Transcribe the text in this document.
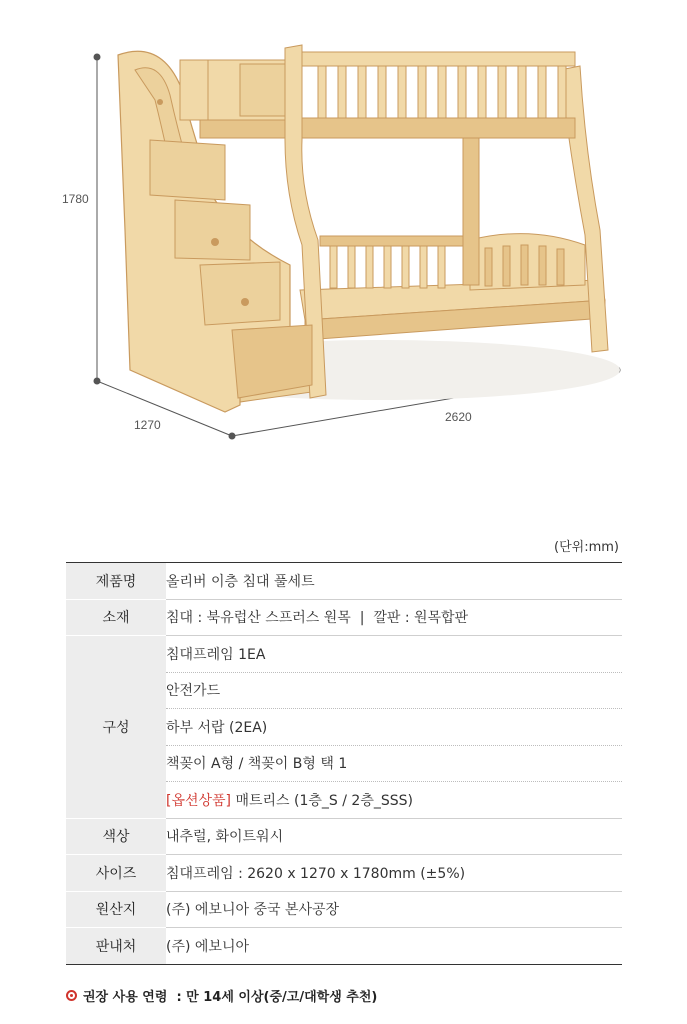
1780
1270
2620
(단위:mm)
제품명	올리버 이층 침대 풀세트
소재	침대 : 북유럽산 스프러스 원목  |  깔판 : 원목합판
구성	침대프레임 1EA
	안전가드
	하부 서랍 (2EA)
	책꽂이 A형 / 책꽂이 B형 택 1
	[옵션상품] 매트리스 (1층_S / 2층_SSS)
색상	내추럴, 화이트워시
사이즈	침대프레임 : 2620 x 1270 x 1780mm (±5%)
원산지	(주) 에보니아 중국 본사공장
판내처	(주) 에보니아
권장 사용 연령  : 만 14세 이상(중/고/대학생 추천)
